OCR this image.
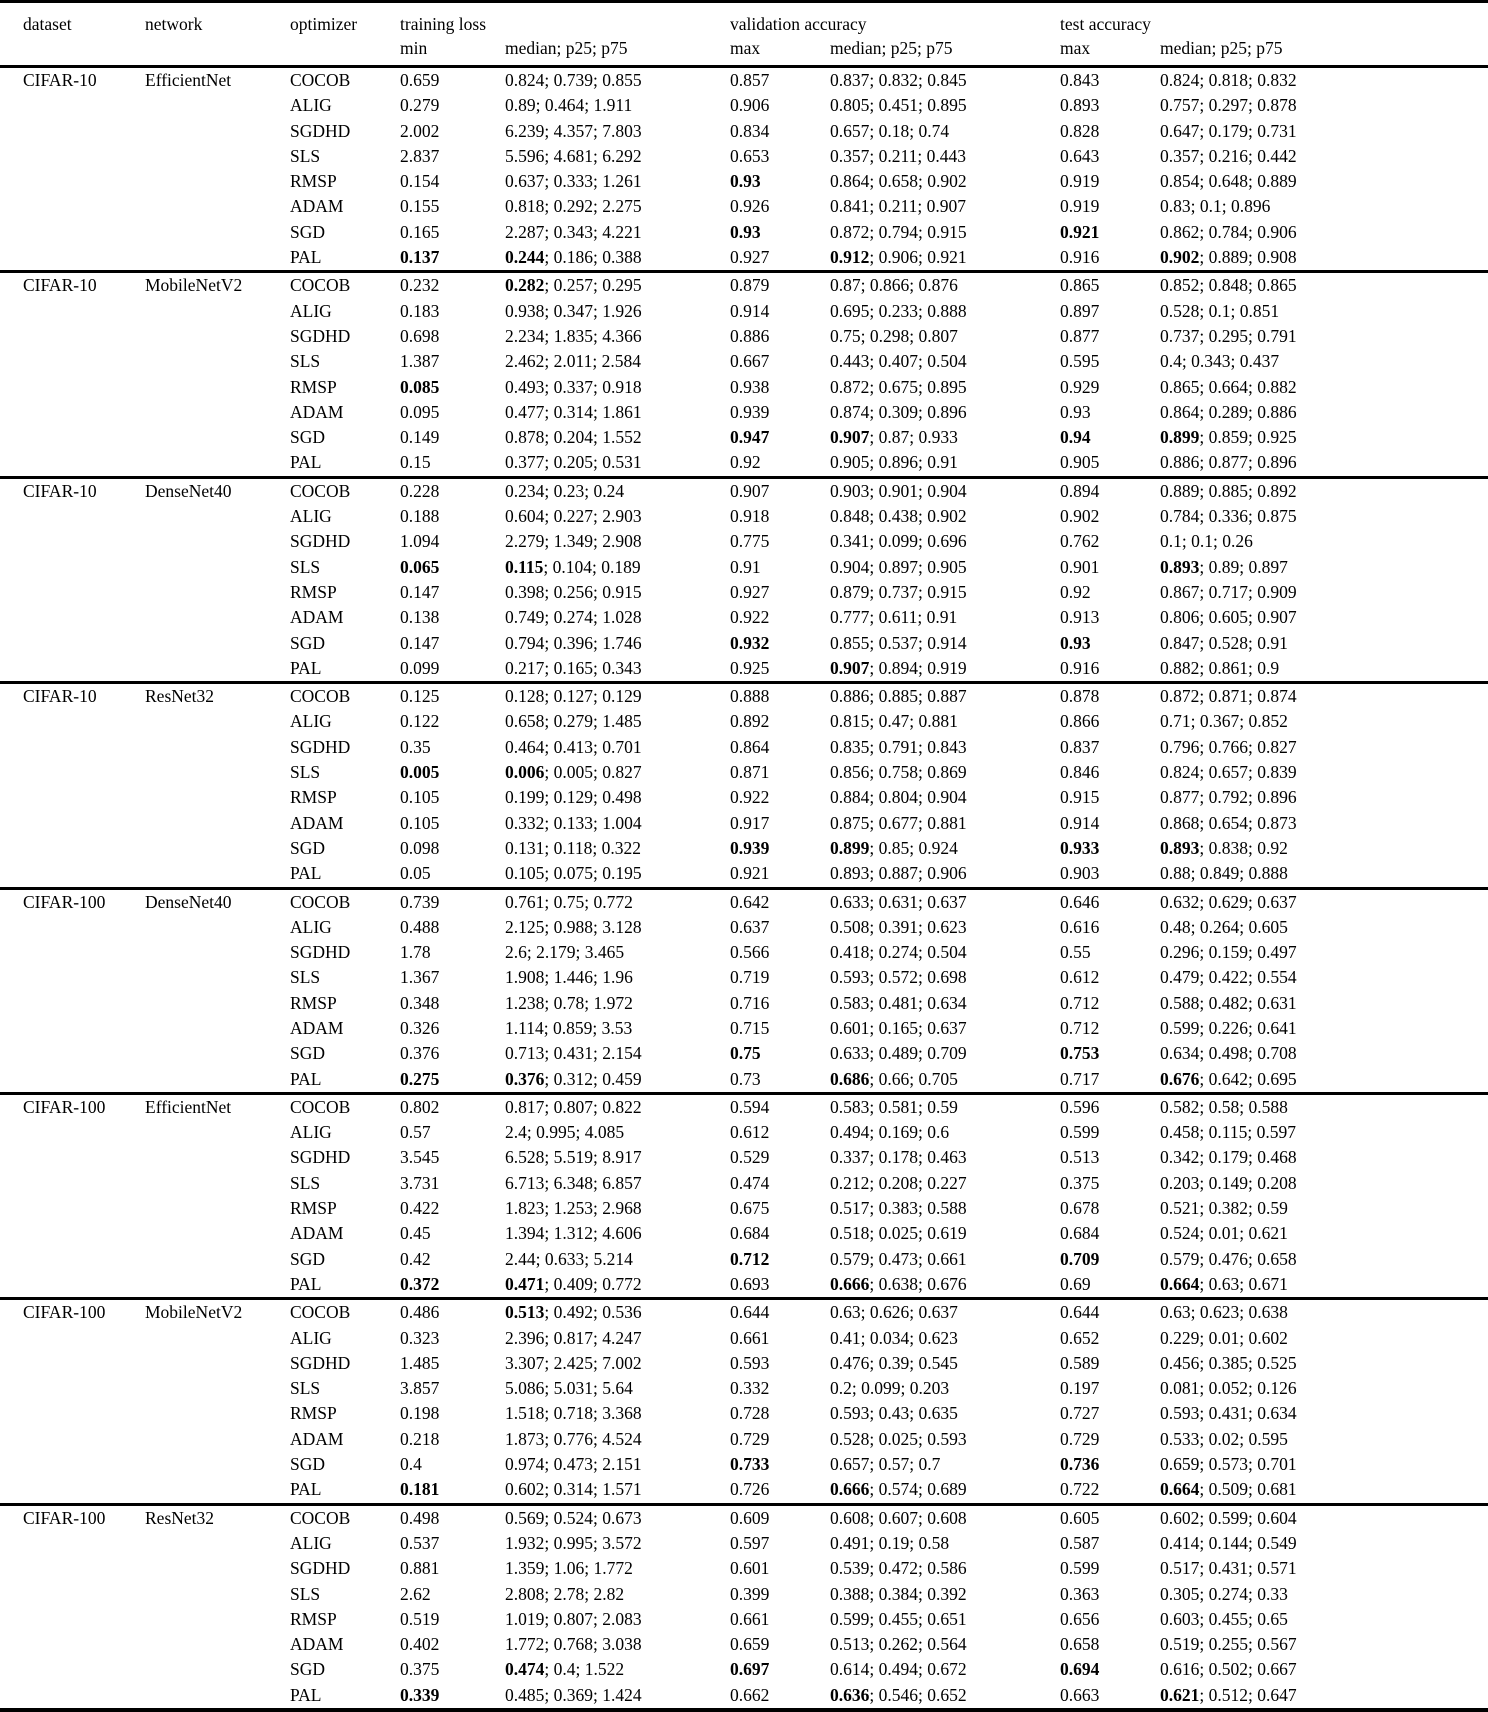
dataset	network	optimizer	training loss		validation accuracy		test accuracy	
			min	median; p25; p75	max	median; p25; p75	max	median; p25; p75
CIFAR-10	EfficientNet	COCOB	0.659	0.824; 0.739; 0.855	0.857	0.837; 0.832; 0.845	0.843	0.824; 0.818; 0.832
		ALIG	0.279	0.89; 0.464; 1.911	0.906	0.805; 0.451; 0.895	0.893	0.757; 0.297; 0.878
		SGDHD	2.002	6.239; 4.357; 7.803	0.834	0.657; 0.18; 0.74	0.828	0.647; 0.179; 0.731
		SLS	2.837	5.596; 4.681; 6.292	0.653	0.357; 0.211; 0.443	0.643	0.357; 0.216; 0.442
		RMSP	0.154	0.637; 0.333; 1.261	0.93	0.864; 0.658; 0.902	0.919	0.854; 0.648; 0.889
		ADAM	0.155	0.818; 0.292; 2.275	0.926	0.841; 0.211; 0.907	0.919	0.83; 0.1; 0.896
		SGD	0.165	2.287; 0.343; 4.221	0.93	0.872; 0.794; 0.915	0.921	0.862; 0.784; 0.906
		PAL	0.137	0.244; 0.186; 0.388	0.927	0.912; 0.906; 0.921	0.916	0.902; 0.889; 0.908
CIFAR-10	MobileNetV2	COCOB	0.232	0.282; 0.257; 0.295	0.879	0.87; 0.866; 0.876	0.865	0.852; 0.848; 0.865
		ALIG	0.183	0.938; 0.347; 1.926	0.914	0.695; 0.233; 0.888	0.897	0.528; 0.1; 0.851
		SGDHD	0.698	2.234; 1.835; 4.366	0.886	0.75; 0.298; 0.807	0.877	0.737; 0.295; 0.791
		SLS	1.387	2.462; 2.011; 2.584	0.667	0.443; 0.407; 0.504	0.595	0.4; 0.343; 0.437
		RMSP	0.085	0.493; 0.337; 0.918	0.938	0.872; 0.675; 0.895	0.929	0.865; 0.664; 0.882
		ADAM	0.095	0.477; 0.314; 1.861	0.939	0.874; 0.309; 0.896	0.93	0.864; 0.289; 0.886
		SGD	0.149	0.878; 0.204; 1.552	0.947	0.907; 0.87; 0.933	0.94	0.899; 0.859; 0.925
		PAL	0.15	0.377; 0.205; 0.531	0.92	0.905; 0.896; 0.91	0.905	0.886; 0.877; 0.896
CIFAR-10	DenseNet40	COCOB	0.228	0.234; 0.23; 0.24	0.907	0.903; 0.901; 0.904	0.894	0.889; 0.885; 0.892
		ALIG	0.188	0.604; 0.227; 2.903	0.918	0.848; 0.438; 0.902	0.902	0.784; 0.336; 0.875
		SGDHD	1.094	2.279; 1.349; 2.908	0.775	0.341; 0.099; 0.696	0.762	0.1; 0.1; 0.26
		SLS	0.065	0.115; 0.104; 0.189	0.91	0.904; 0.897; 0.905	0.901	0.893; 0.89; 0.897
		RMSP	0.147	0.398; 0.256; 0.915	0.927	0.879; 0.737; 0.915	0.92	0.867; 0.717; 0.909
		ADAM	0.138	0.749; 0.274; 1.028	0.922	0.777; 0.611; 0.91	0.913	0.806; 0.605; 0.907
		SGD	0.147	0.794; 0.396; 1.746	0.932	0.855; 0.537; 0.914	0.93	0.847; 0.528; 0.91
		PAL	0.099	0.217; 0.165; 0.343	0.925	0.907; 0.894; 0.919	0.916	0.882; 0.861; 0.9
CIFAR-10	ResNet32	COCOB	0.125	0.128; 0.127; 0.129	0.888	0.886; 0.885; 0.887	0.878	0.872; 0.871; 0.874
		ALIG	0.122	0.658; 0.279; 1.485	0.892	0.815; 0.47; 0.881	0.866	0.71; 0.367; 0.852
		SGDHD	0.35	0.464; 0.413; 0.701	0.864	0.835; 0.791; 0.843	0.837	0.796; 0.766; 0.827
		SLS	0.005	0.006; 0.005; 0.827	0.871	0.856; 0.758; 0.869	0.846	0.824; 0.657; 0.839
		RMSP	0.105	0.199; 0.129; 0.498	0.922	0.884; 0.804; 0.904	0.915	0.877; 0.792; 0.896
		ADAM	0.105	0.332; 0.133; 1.004	0.917	0.875; 0.677; 0.881	0.914	0.868; 0.654; 0.873
		SGD	0.098	0.131; 0.118; 0.322	0.939	0.899; 0.85; 0.924	0.933	0.893; 0.838; 0.92
		PAL	0.05	0.105; 0.075; 0.195	0.921	0.893; 0.887; 0.906	0.903	0.88; 0.849; 0.888
CIFAR-100	DenseNet40	COCOB	0.739	0.761; 0.75; 0.772	0.642	0.633; 0.631; 0.637	0.646	0.632; 0.629; 0.637
		ALIG	0.488	2.125; 0.988; 3.128	0.637	0.508; 0.391; 0.623	0.616	0.48; 0.264; 0.605
		SGDHD	1.78	2.6; 2.179; 3.465	0.566	0.418; 0.274; 0.504	0.55	0.296; 0.159; 0.497
		SLS	1.367	1.908; 1.446; 1.96	0.719	0.593; 0.572; 0.698	0.612	0.479; 0.422; 0.554
		RMSP	0.348	1.238; 0.78; 1.972	0.716	0.583; 0.481; 0.634	0.712	0.588; 0.482; 0.631
		ADAM	0.326	1.114; 0.859; 3.53	0.715	0.601; 0.165; 0.637	0.712	0.599; 0.226; 0.641
		SGD	0.376	0.713; 0.431; 2.154	0.75	0.633; 0.489; 0.709	0.753	0.634; 0.498; 0.708
		PAL	0.275	0.376; 0.312; 0.459	0.73	0.686; 0.66; 0.705	0.717	0.676; 0.642; 0.695
CIFAR-100	EfficientNet	COCOB	0.802	0.817; 0.807; 0.822	0.594	0.583; 0.581; 0.59	0.596	0.582; 0.58; 0.588
		ALIG	0.57	2.4; 0.995; 4.085	0.612	0.494; 0.169; 0.6	0.599	0.458; 0.115; 0.597
		SGDHD	3.545	6.528; 5.519; 8.917	0.529	0.337; 0.178; 0.463	0.513	0.342; 0.179; 0.468
		SLS	3.731	6.713; 6.348; 6.857	0.474	0.212; 0.208; 0.227	0.375	0.203; 0.149; 0.208
		RMSP	0.422	1.823; 1.253; 2.968	0.675	0.517; 0.383; 0.588	0.678	0.521; 0.382; 0.59
		ADAM	0.45	1.394; 1.312; 4.606	0.684	0.518; 0.025; 0.619	0.684	0.524; 0.01; 0.621
		SGD	0.42	2.44; 0.633; 5.214	0.712	0.579; 0.473; 0.661	0.709	0.579; 0.476; 0.658
		PAL	0.372	0.471; 0.409; 0.772	0.693	0.666; 0.638; 0.676	0.69	0.664; 0.63; 0.671
CIFAR-100	MobileNetV2	COCOB	0.486	0.513; 0.492; 0.536	0.644	0.63; 0.626; 0.637	0.644	0.63; 0.623; 0.638
		ALIG	0.323	2.396; 0.817; 4.247	0.661	0.41; 0.034; 0.623	0.652	0.229; 0.01; 0.602
		SGDHD	1.485	3.307; 2.425; 7.002	0.593	0.476; 0.39; 0.545	0.589	0.456; 0.385; 0.525
		SLS	3.857	5.086; 5.031; 5.64	0.332	0.2; 0.099; 0.203	0.197	0.081; 0.052; 0.126
		RMSP	0.198	1.518; 0.718; 3.368	0.728	0.593; 0.43; 0.635	0.727	0.593; 0.431; 0.634
		ADAM	0.218	1.873; 0.776; 4.524	0.729	0.528; 0.025; 0.593	0.729	0.533; 0.02; 0.595
		SGD	0.4	0.974; 0.473; 2.151	0.733	0.657; 0.57; 0.7	0.736	0.659; 0.573; 0.701
		PAL	0.181	0.602; 0.314; 1.571	0.726	0.666; 0.574; 0.689	0.722	0.664; 0.509; 0.681
CIFAR-100	ResNet32	COCOB	0.498	0.569; 0.524; 0.673	0.609	0.608; 0.607; 0.608	0.605	0.602; 0.599; 0.604
		ALIG	0.537	1.932; 0.995; 3.572	0.597	0.491; 0.19; 0.58	0.587	0.414; 0.144; 0.549
		SGDHD	0.881	1.359; 1.06; 1.772	0.601	0.539; 0.472; 0.586	0.599	0.517; 0.431; 0.571
		SLS	2.62	2.808; 2.78; 2.82	0.399	0.388; 0.384; 0.392	0.363	0.305; 0.274; 0.33
		RMSP	0.519	1.019; 0.807; 2.083	0.661	0.599; 0.455; 0.651	0.656	0.603; 0.455; 0.65
		ADAM	0.402	1.772; 0.768; 3.038	0.659	0.513; 0.262; 0.564	0.658	0.519; 0.255; 0.567
		SGD	0.375	0.474; 0.4; 1.522	0.697	0.614; 0.494; 0.672	0.694	0.616; 0.502; 0.667
		PAL	0.339	0.485; 0.369; 1.424	0.662	0.636; 0.546; 0.652	0.663	0.621; 0.512; 0.647
